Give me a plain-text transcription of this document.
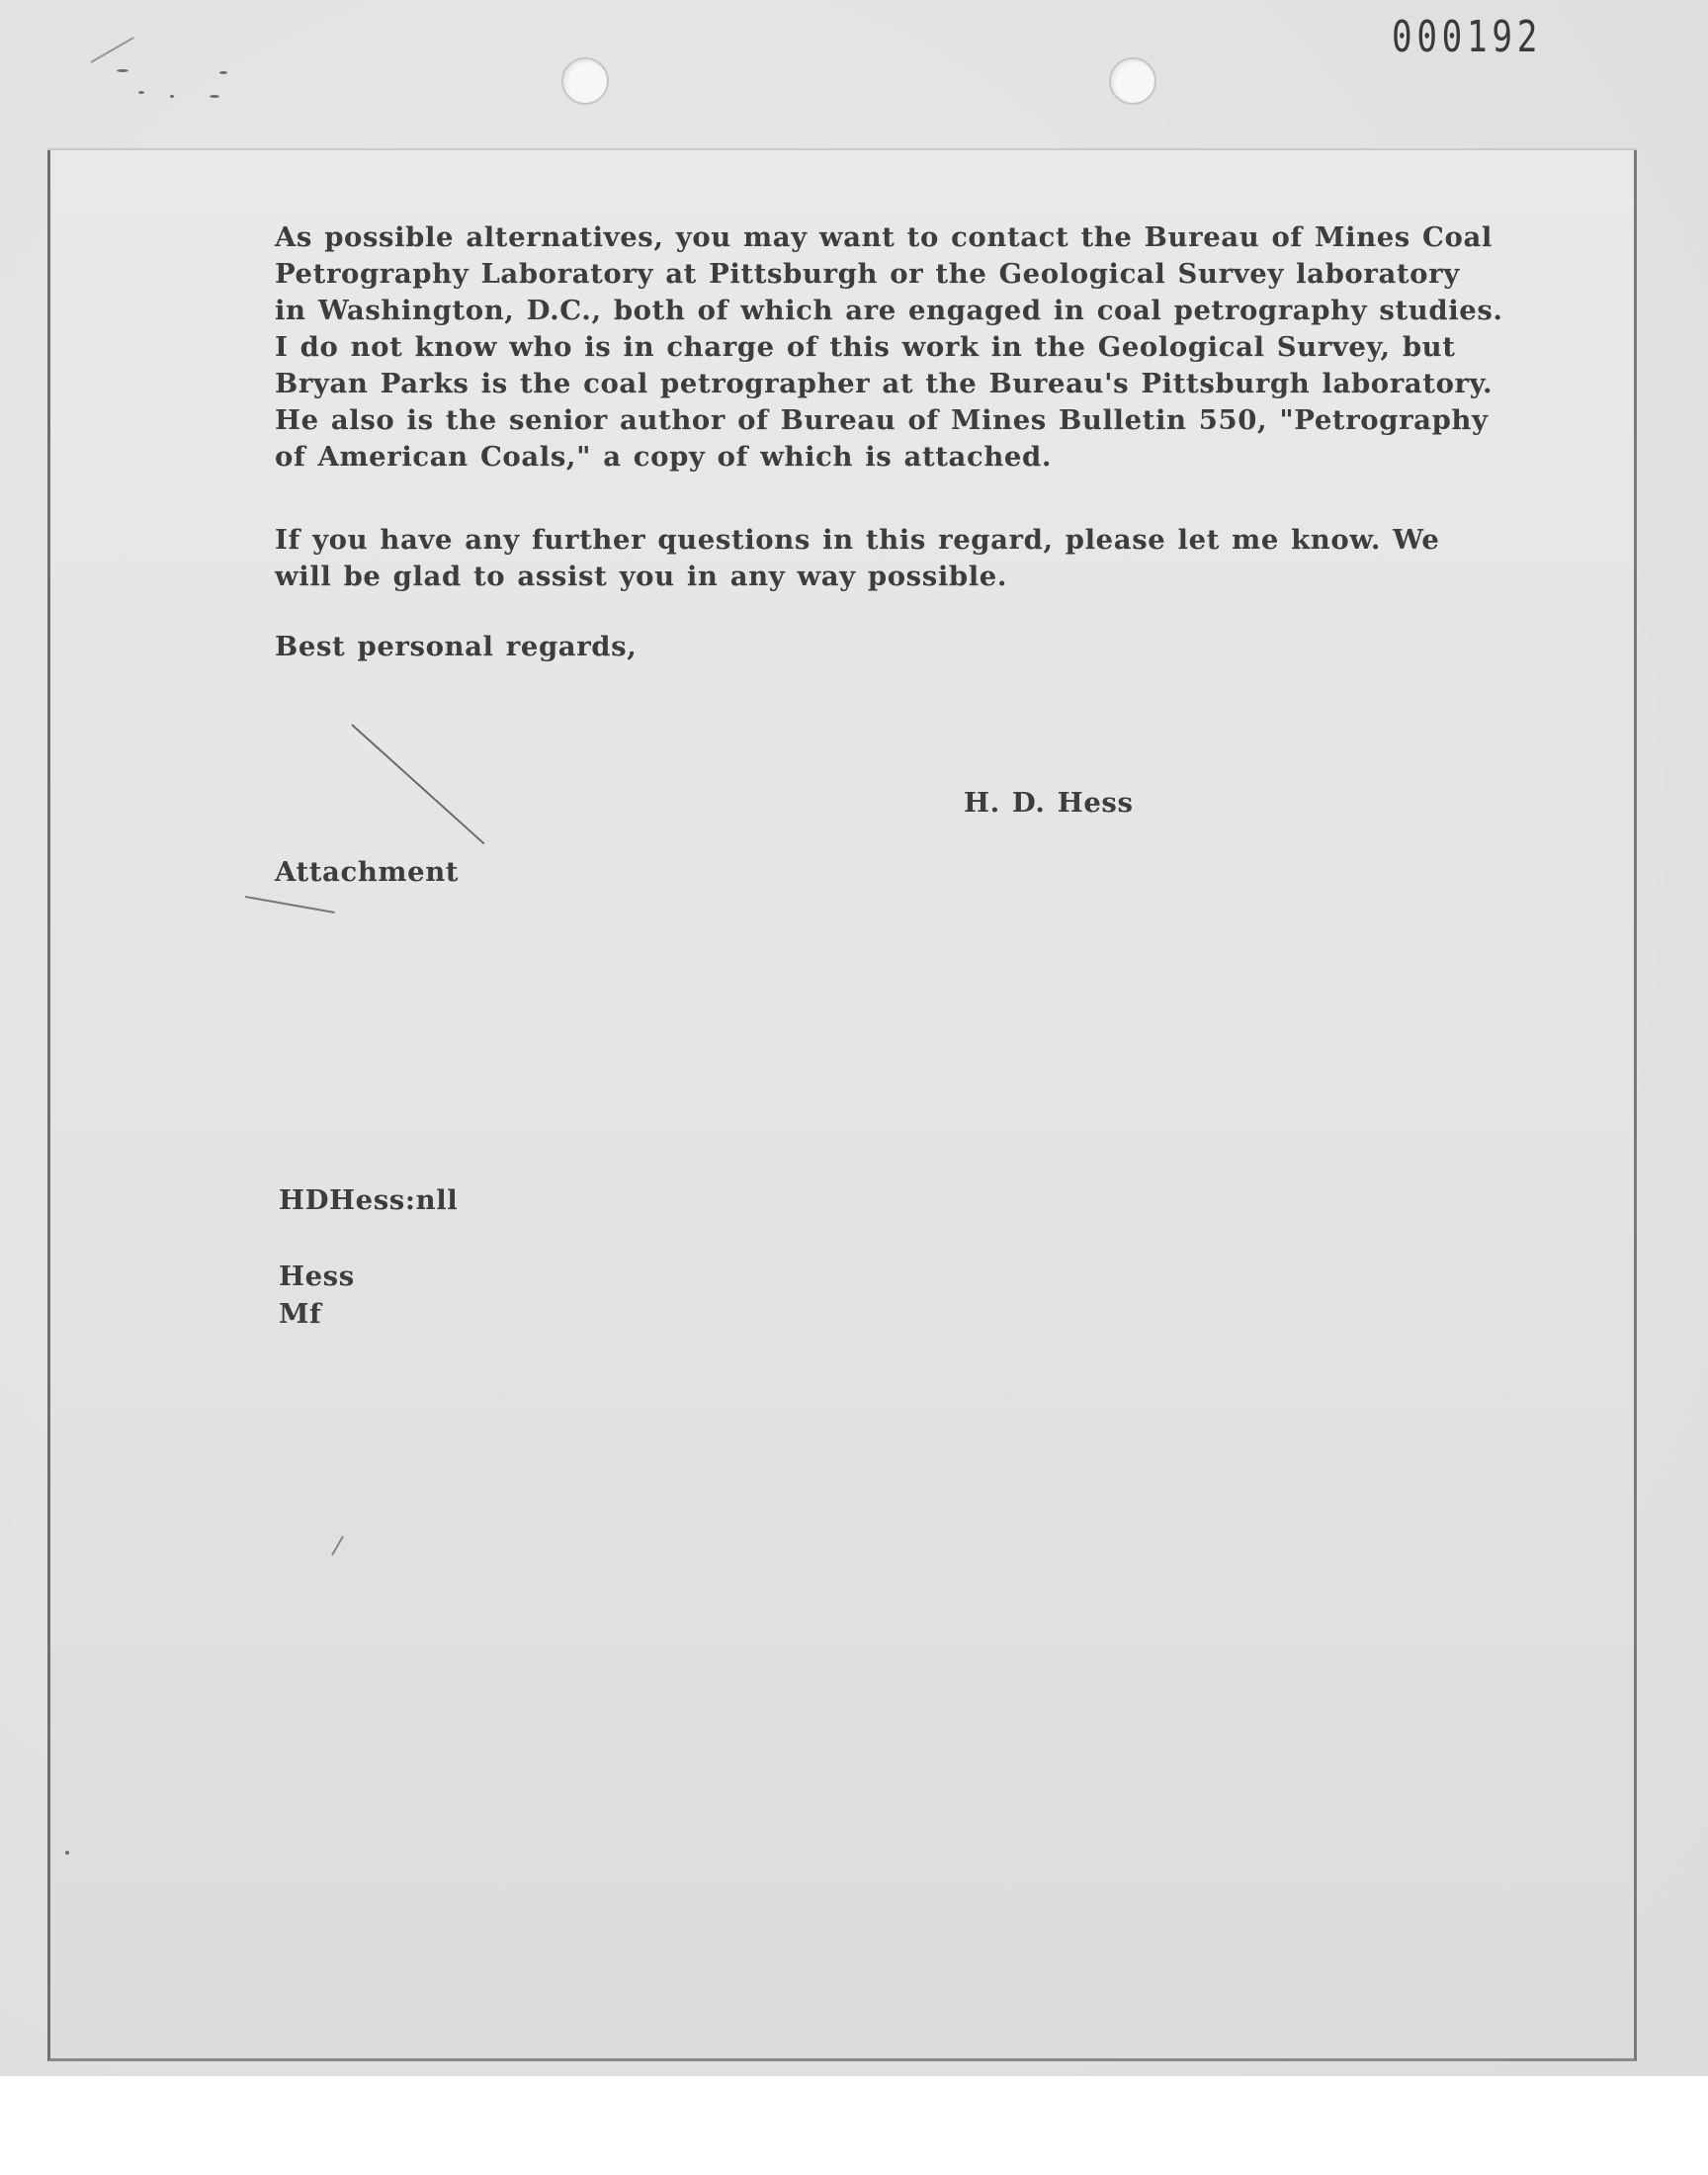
000192
As possible alternatives, you may want to contact the Bureau of Mines Coal
Petrography Laboratory at Pittsburgh or the Geological Survey laboratory
in Washington, D.C., both of which are engaged in coal petrography studies.
I do not know who is in charge of this work in the Geological Survey, but
Bryan Parks is the coal petrographer at the Bureau's Pittsburgh laboratory.
He also is the senior author of Bureau of Mines Bulletin 550, "Petrography
of American Coals," a copy of which is attached.
If you have any further questions in this regard, please let me know. We
will be glad to assist you in any way possible.
Best personal regards,
H. D. Hess
Attachment
HDHess:nll
Hess
Mf
